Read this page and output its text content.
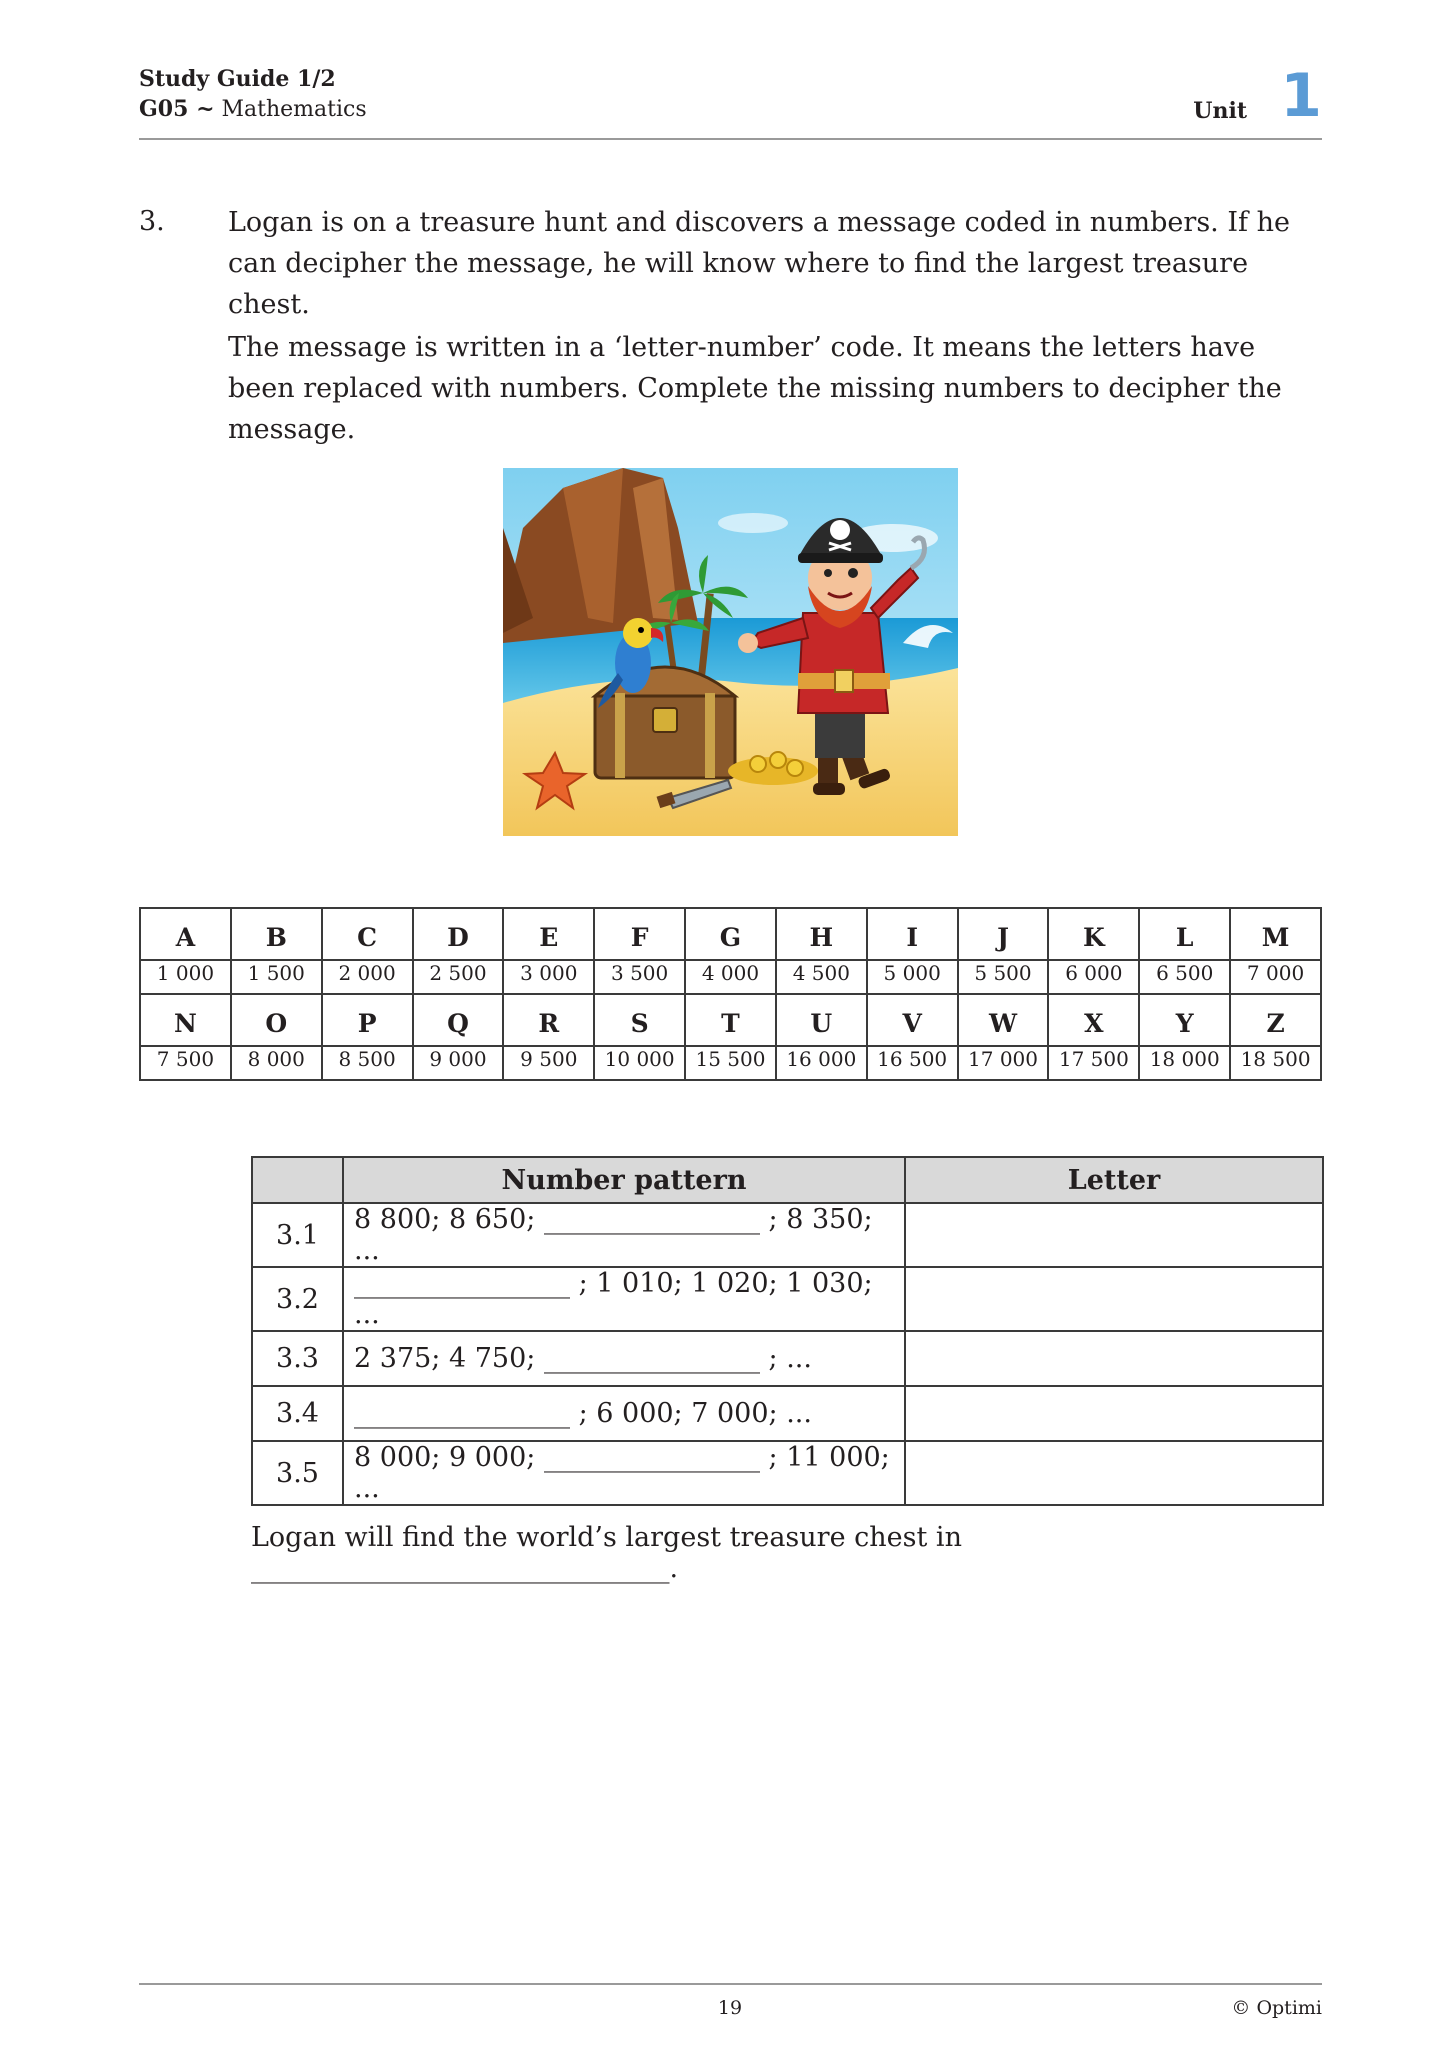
Study Guide 1/2
G05 ~ Mathematics	Unit 1
3. Logan is on a treasure hunt and discovers a message coded in numbers. If he can decipher the message, he will know where to find the largest treasure chest.

The message is written in a ‘letter-number’ code. It means the letters have been replaced with numbers. Complete the missing numbers to decipher the message.

A	B	C	D	E	F	G	H	I	J	K	L	M
1 000	1 500	2 000	2 500	3 000	3 500	4 000	4 500	5 000	5 500	6 000	6 500	7 000
N	O	P	Q	R	S	T	U	V	W	X	Y	Z
7 500	8 000	8 500	9 000	9 500	10 000	15 500	16 000	16 500	17 000	17 500	18 000	18 500
	Number pattern	Letter
3.1	8 800; 8 650; ________________ ; 8 350; ...	
3.2	________________ ; 1 010; 1 020; 1 030; ...	
3.3	2 375; 4 750; ________________ ; ...	
3.4	________________ ; 6 000; 7 000; ...	
3.5	8 000; 9 000; ________________ ; 11 000; ...	
Logan will find the world’s largest treasure chest in _______________________________.
19	© Optimi
